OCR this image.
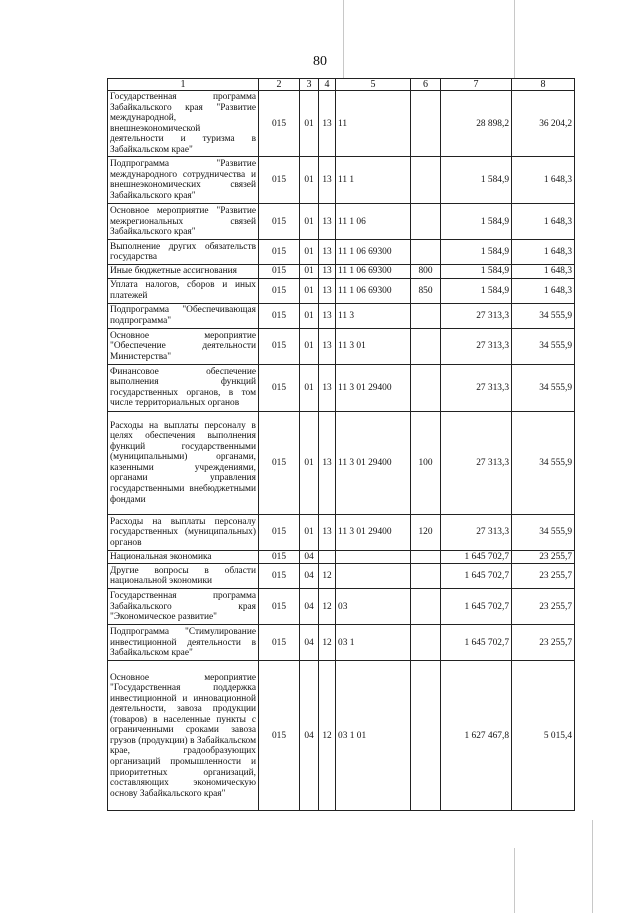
80
1	2	3	4	5	6	7	8
Государственная программа Забайкальского края "Развитие международной, внешнеэкономической деятельности и туризма в Забайкальском крае"	015	01	13	11		28 898,2	36 204,2
Подпрограмма "Развитие международного сотрудничества и внешнеэкономических связей Забайкальского края"	015	01	13	11 1		1 584,9	1 648,3
Основное мероприятие "Развитие межрегиональных связей Забайкальского края"	015	01	13	11 1 06		1 584,9	1 648,3
Выполнение других обязательств государства	015	01	13	11 1 06 69300		1 584,9	1 648,3
Иные бюджетные ассигнования	015	01	13	11 1 06 69300	800	1 584,9	1 648,3
Уплата налогов, сборов и иных платежей	015	01	13	11 1 06 69300	850	1 584,9	1 648,3
Подпрограмма "Обеспечивающая подпрограмма"	015	01	13	11 3		27 313,3	34 555,9
Основное мероприятие "Обеспечение деятельности Министерства"	015	01	13	11 3 01		27 313,3	34 555,9
Финансовое обеспечение выполнения функций государственных органов, в том числе территориальных органов	015	01	13	11 3 01 29400		27 313,3	34 555,9
Расходы на выплаты персоналу в целях обеспечения выполнения функций государственными (муниципальными) органами, казенными учреждениями, органами управления государственными внебюджетными фондами	015	01	13	11 3 01 29400	100	27 313,3	34 555,9
Расходы на выплаты персоналу государственных (муниципальных) органов	015	01	13	11 3 01 29400	120	27 313,3	34 555,9
Национальная экономика	015	04				1 645 702,7	23 255,7
Другие вопросы в области национальной экономики	015	04	12			1 645 702,7	23 255,7
Государственная программа Забайкальского края "Экономическое развитие"	015	04	12	03		1 645 702,7	23 255,7
Подпрограмма "Стимулирование инвестиционной деятельности в Забайкальском крае"	015	04	12	03 1		1 645 702,7	23 255,7
Основное мероприятие "Государственная поддержка инвестиционной и инновационной деятельности, завоза продукции (товаров) в населенные пункты с ограниченными сроками завоза грузов (продукции) в Забайкальском крае, градообразующих организаций промышленности и приоритетных организаций, составляющих экономическую основу Забайкальского края"	015	04	12	03 1 01		1 627 467,8	5 015,4
